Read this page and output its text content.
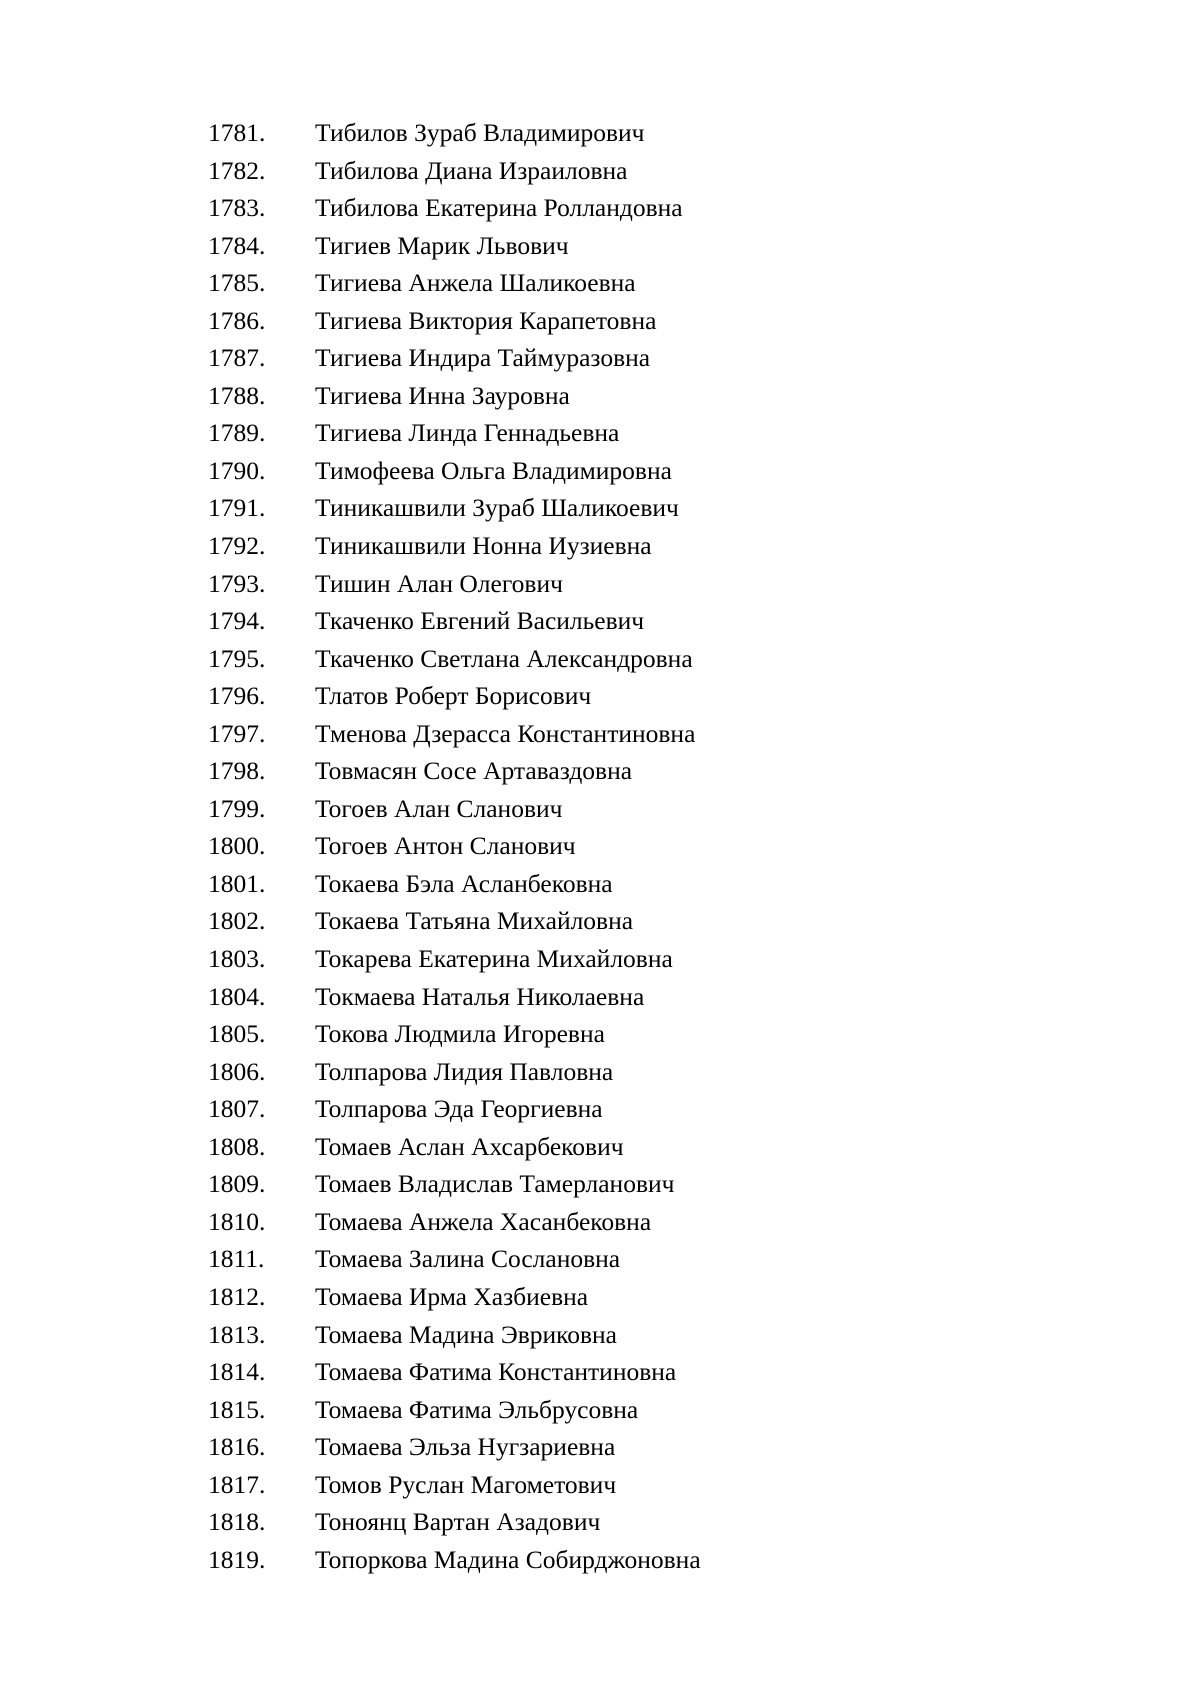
1781. Тибилов Зураб Владимирович
1782. Тибилова Диана Израиловна
1783. Тибилова Екатерина Ролландовна
1784. Тигиев Марик Львович
1785. Тигиева Анжела Шаликоевна
1786. Тигиева Виктория Карапетовна
1787. Тигиева Индира Таймуразовна
1788. Тигиева Инна Зауровна
1789. Тигиева Линда Геннадьевна
1790. Тимофеева Ольга Владимировна
1791. Тиникашвили Зураб Шаликоевич
1792. Тиникашвили Нонна Иузиевна
1793. Тишин Алан Олегович
1794. Ткаченко Евгений Васильевич
1795. Ткаченко Светлана Александровна
1796. Тлатов Роберт Борисович
1797. Тменова Дзерасса Константиновна
1798. Товмасян Сосе Артаваздовна
1799. Тогоев Алан Сланович
1800. Тогоев Антон Сланович
1801. Токаева Бэла Асланбековна
1802. Токаева Татьяна Михайловна
1803. Токарева Екатерина Михайловна
1804. Токмаева Наталья Николаевна
1805. Токова Людмила Игоревна
1806. Толпарова Лидия Павловна
1807. Толпарова Эда Георгиевна
1808. Томаев Аслан Ахсарбекович
1809. Томаев Владислав Тамерланович
1810. Томаева Анжела Хасанбековна
1811. Томаева Залина Сослановна
1812. Томаева Ирма Хазбиевна
1813. Томаева Мадина Эвриковна
1814. Томаева Фатима Константиновна
1815. Томаева Фатима Эльбрусовна
1816. Томаева Эльза Нугзариевна
1817. Томов Руслан Магометович
1818. Тоноянц Вартан Азадович
1819. Топоркова Мадина Собирджоновна
